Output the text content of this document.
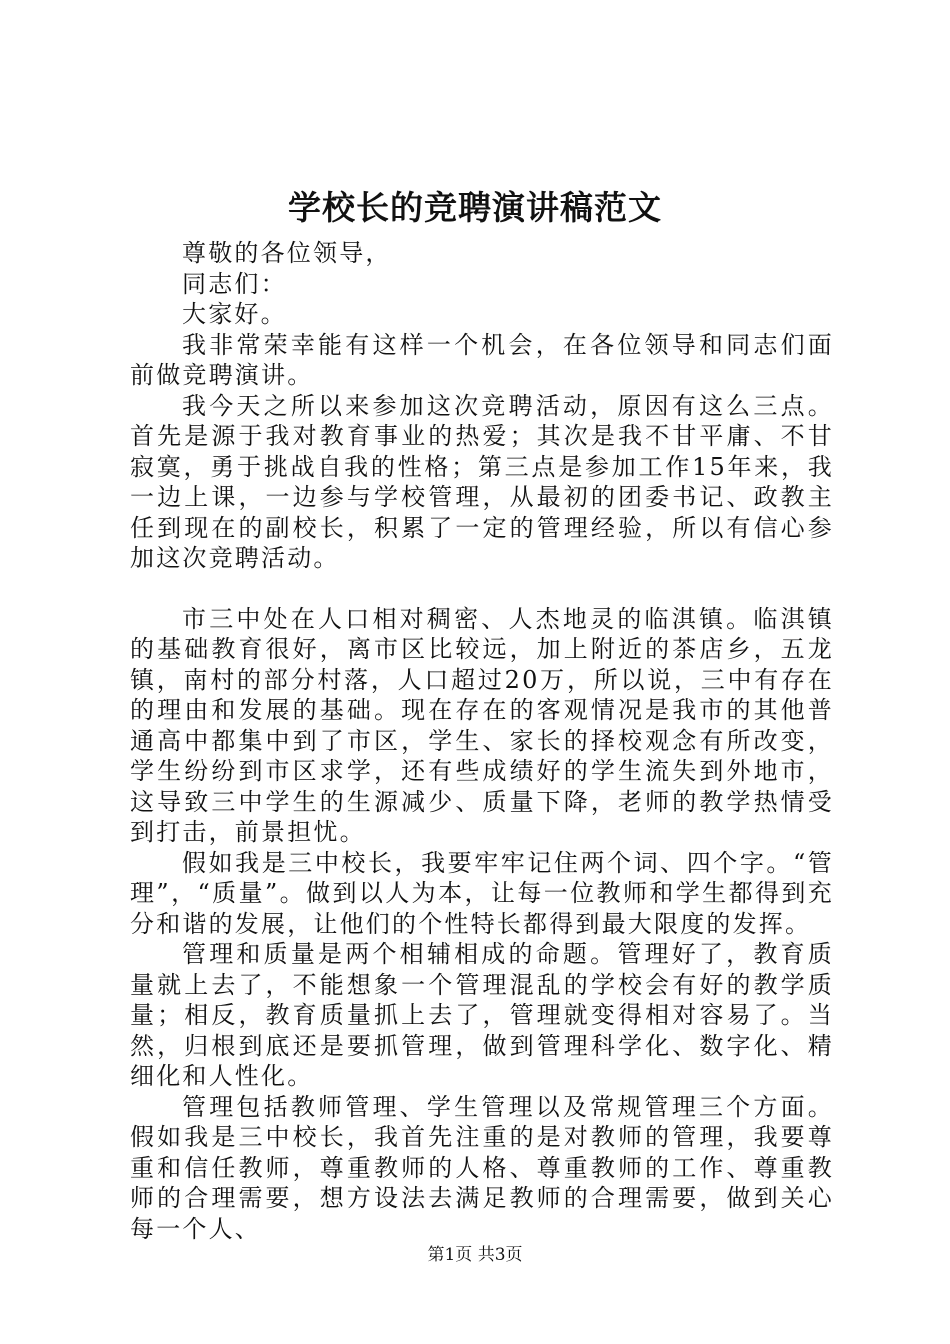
学校长的竞聘演讲稿范文

尊敬的各位领导，

同志们：

大家好。

我非常荣幸能有这样一个机会，在各位领导和同志们面前做竞聘演讲。

我今天之所以来参加这次竞聘活动，原因有这么三点。首先是源于我对教育事业的热爱；其次是我不甘平庸、不甘寂寞，勇于挑战自我的性格；第三点是参加工作15年来，我一边上课，一边参与学校管理，从最初的团委书记、政教主任到现在的副校长，积累了一定的管理经验，所以有信心参加这次竞聘活动。

市三中处在人口相对稠密、人杰地灵的临淇镇。临淇镇的基础教育很好，离市区比较远，加上附近的茶店乡，五龙镇，南村的部分村落，人口超过20万，所以说，三中有存在的理由和发展的基础。现在存在的客观情况是我市的其他普通高中都集中到了市区，学生、家长的择校观念有所改变，学生纷纷到市区求学，还有些成绩好的学生流失到外地市，这导致三中学生的生源减少、质量下降，老师的教学热情受到打击，前景担忧。

假如我是三中校长，我要牢牢记住两个词、四个字。“管理”，“质量”。做到以人为本，让每一位教师和学生都得到充分和谐的发展，让他们的个性特长都得到最大限度的发挥。

管理和质量是两个相辅相成的命题。管理好了，教育质量就上去了，不能想象一个管理混乱的学校会有好的教学质量；相反，教育质量抓上去了，管理就变得相对容易了。当然，归根到底还是要抓管理，做到管理科学化、数字化、精细化和人性化。

管理包括教师管理、学生管理以及常规管理三个方面。假如我是三中校长，我首先注重的是对教师的管理，我要尊重和信任教师，尊重教师的人格、尊重教师的工作、尊重教师的合理需要，想方设法去满足教师的合理需要，做到关心每一个人、

第1页 共3页
